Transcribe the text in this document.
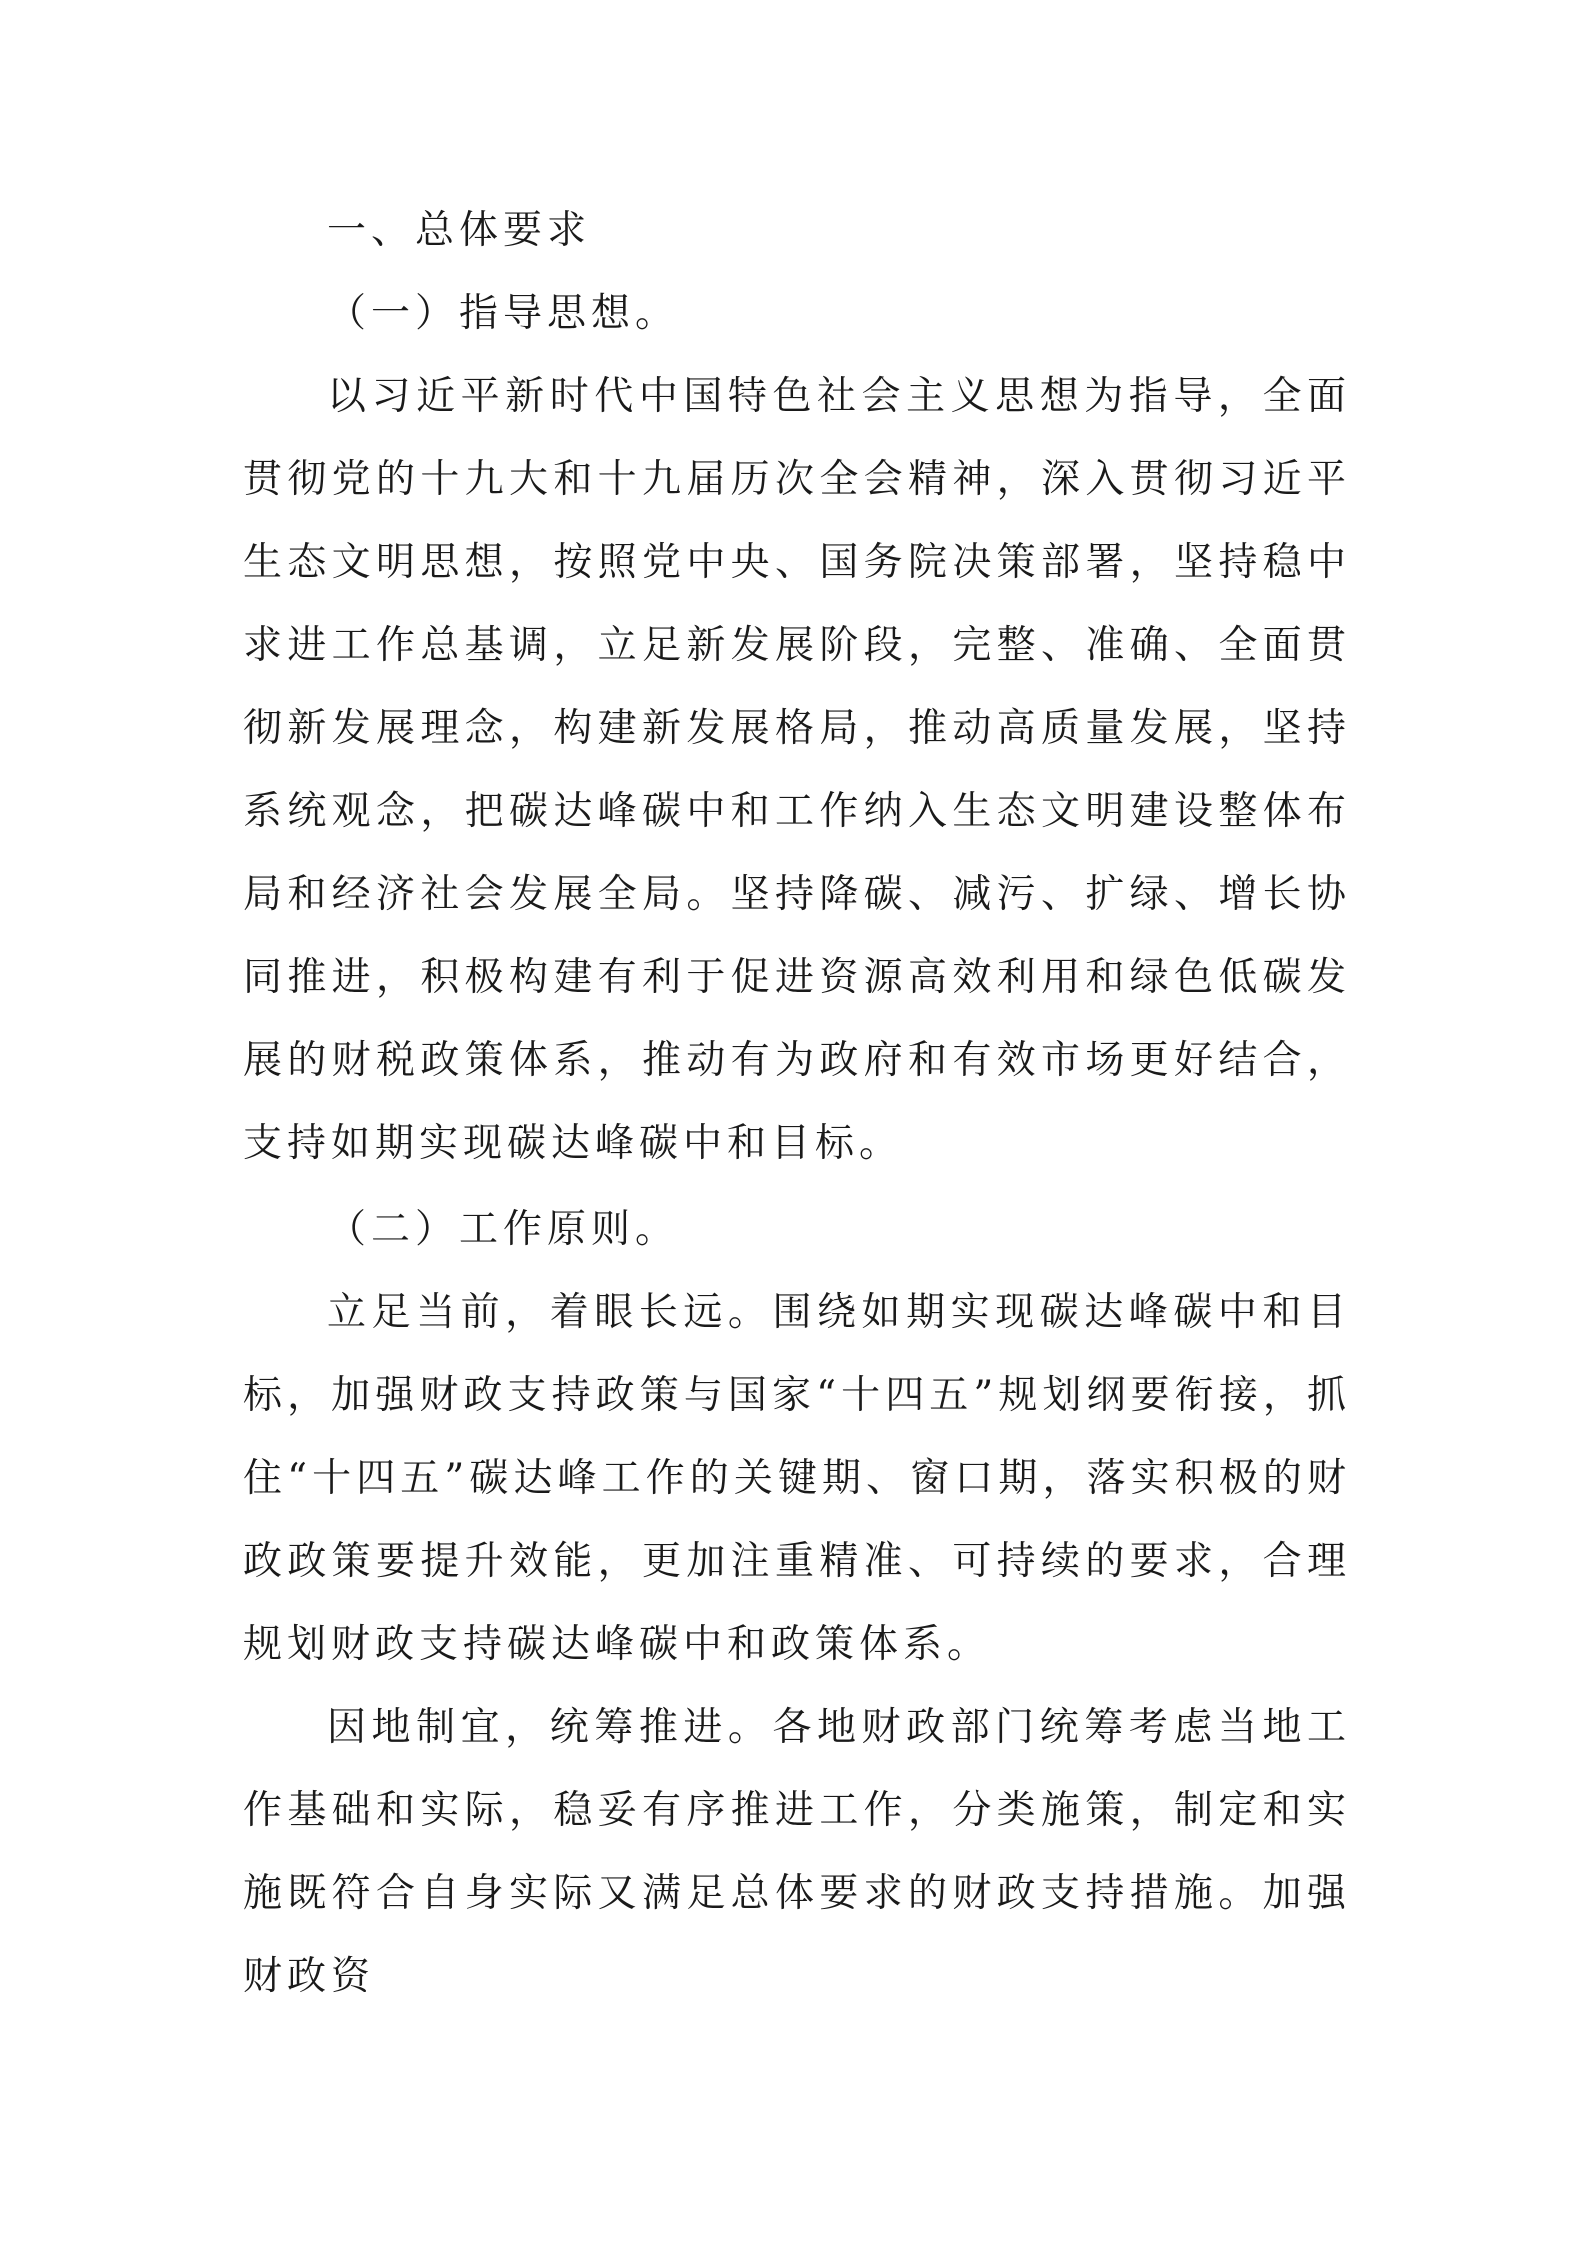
一、总体要求
（一）指导思想。
以习近平新时代中国特色社会主义思想为指导，全面贯彻党的十九大和十九届历次全会精神，深入贯彻习近平生态文明思想，按照党中央、国务院决策部署，坚持稳中求进工作总基调，立足新发展阶段，完整、准确、全面贯彻新发展理念，构建新发展格局，推动高质量发展，坚持系统观念，把碳达峰碳中和工作纳入生态文明建设整体布局和经济社会发展全局。坚持降碳、减污、扩绿、增长协同推进，积极构建有利于促进资源高效利用和绿色低碳发展的财税政策体系，推动有为政府和有效市场更好结合，支持如期实现碳达峰碳中和目标。
（二）工作原则。
立足当前，着眼长远。围绕如期实现碳达峰碳中和目标，加强财政支持政策与国家“十四五”规划纲要衔接，抓住“十四五”碳达峰工作的关键期、窗口期，落实积极的财政政策要提升效能，更加注重精准、可持续的要求，合理规划财政支持碳达峰碳中和政策体系。
因地制宜，统筹推进。各地财政部门统筹考虑当地工作基础和实际，稳妥有序推进工作，分类施策，制定和实施既符合自身实际又满足总体要求的财政支持措施。加强财政资
